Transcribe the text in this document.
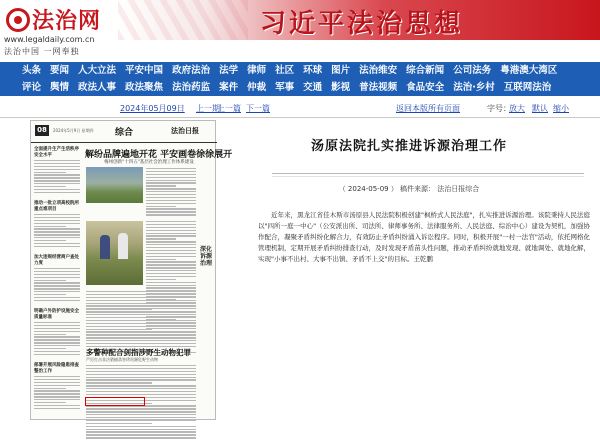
法治网
www.legaldaily.com.cn
法治中国 一网奉独
习近平法治思想
头条 要闻 人大立法 平安中国 政府法治 法学 律师 社区 环球 图片 法治维安 综合新闻 公司法务 粤港澳大湾区
评论 舆情 政法人事 政法聚焦 法治药监 案件 仲裁 军事 交通 影视 普法视频 食品安全 法治·乡村 互联网法治
2024年05月09日 上一期
上一篇 下一篇	返回本版所有页面	字号：
放大 默认 缩小
08	2024年5月9日 星期四 综合	法治日报
全面提升生产生活秩序安全水平
推动一批立项高校院所重点难项目
加大违规经营商户查处力度
明确户外防护设施安全质量标准
部署开展风险隐患排查整治工作
解纷品牌遍地开花 平安画卷徐徐展开
梅州创新"十四五"基层社会治理工作体系建设
深化诉源治理
多警种配合剑指涉野生动物犯罪
严厉打击非法猎捕杀害珍贵濒危野生动物
汤原法院扎实推进诉源治理工作
（ 2024-05-09 ） 稿件来源： 法治日报综合
近年来，黑龙江省佳木斯市汤原县人民法院积极创建"枫桥式人民法庭"，扎实推进诉源治理。该院秉持人民法庭以"四所一庭一中心"（公安派出所、司法所、律师事务所、法律服务所、人民法庭、综治中心）建设为契机，加强协作配合，凝聚矛盾纠纷化解合力，有效防止矛盾纠纷涌入诉讼程序。同时，积极开展"一村一法官"活动，依托网格化管理机制，定期开展矛盾纠纷排查行动，及时发现矛盾苗头性问题，推动矛盾纠纷就地发现、就地调处、就地化解，实现"小事不出村、大事不出镇、矛盾不上交"的目标。王乾鹏
